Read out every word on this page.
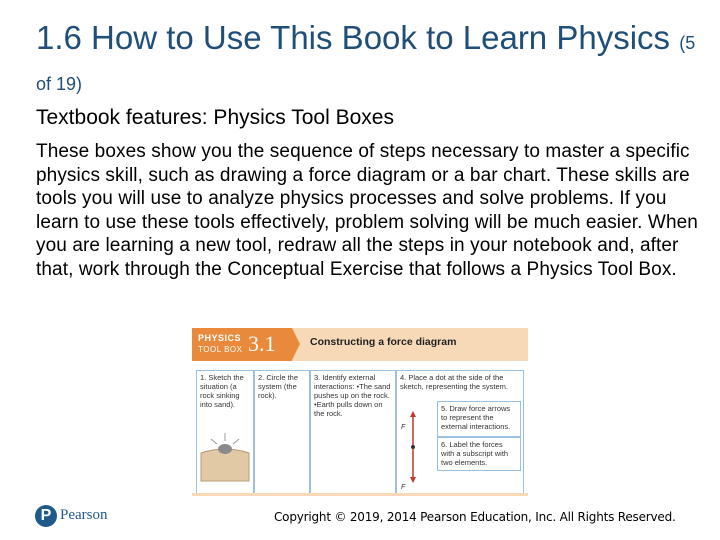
1.6 How to Use This Book to Learn Physics (5 of 19)
Textbook features: Physics Tool Boxes
These boxes show you the sequence of steps necessary to master a specific physics skill, such as drawing a force diagram or a bar chart. These skills are tools you will use to analyze physics processes and solve problems. If you learn to use these tools effectively, problem solving will be much easier. When you are learning a new tool, redraw all the steps in your notebook and, after that, work through the Conceptual Exercise that follows a Physics Tool Box.
PHYSICS
TOOL BOX 3.1	Constructing a force diagram
1. Sketch the situation (a rock sinking into sand).
2. Circle the system (the rock).
3. Identify external interactions: •The sand pushes up on the rock. •Earth pulls down on the rock.
4. Place a dot at the side of the sketch, representing the system.
5. Draw force arrows to represent the external interactions.
6. Label the forces with a subscript with two elements.
F
F
P Pearson	Copyright © 2019, 2014 Pearson Education, Inc. All Rights Reserved.
